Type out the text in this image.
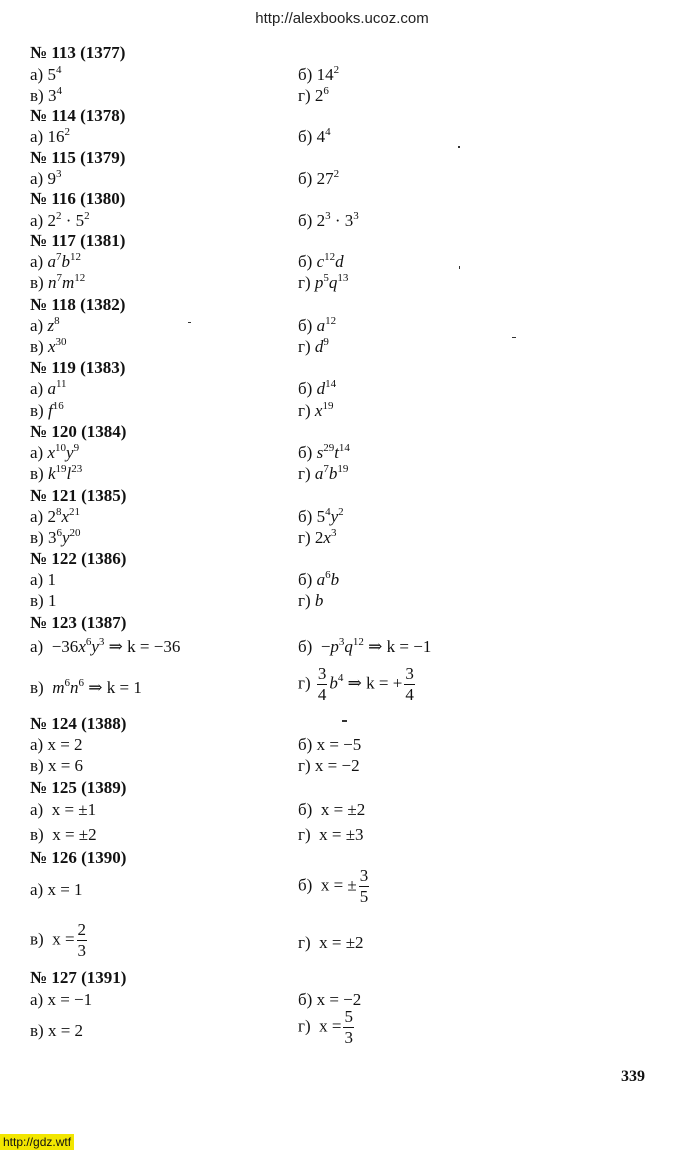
http://alexbooks.ucoz.com
№ 113 (1377)
а) $5^4$	б) $14^2$
в) $3^4$	г) $2^6$
№ 114 (1378)
а) $16^2$	б) $4^4$
№ 115 (1379)
а) $9^3$	б) $27^2$
№ 116 (1380)
а) $2^2 \cdot 5^2$	б) $2^3 \cdot 3^3$
№ 117 (1381)
а) $a^7b^{12}$	б) $c^{12}d$
в) $n^7m^{12}$	г) $p^5q^{13}$
№ 118 (1382)
а) $z^8$	б) $a^{12}$
в) $x^{30}$	г) $d^9$
№ 119 (1383)
а) $a^{11}$	б) $d^{14}$
в) $f^{16}$	г) $x^{19}$
№ 120 (1384)
а) $x^{10}y^9$	б) $s^{29}t^{14}$
в) $k^{19}l^{23}$	г) $a^7b^{19}$
№ 121 (1385)
а) $2^8x^{21}$	б) $5^4y^2$
в) $3^6y^{20}$	г) $2x^3$
№ 122 (1386)
а) 1	б) $a^6b$
в) 1	г) b
№ 123 (1387)
$а) -36x^6y^3$ ⇒ k = −36	$б) -p^3q^{12}$ ⇒ k = −1
в) $m^6n^6$ ⇒ k = 1	$г) \frac{3}{4} b^4$ ⇒ k = + $\frac{3}{4}$
№ 124 (1388)
а) x = 2	б) x = −5
в) x = 6	г) x = −2
№ 125 (1389)
а) x = ±1	б) x = ±2
в) x = ±2	г) x = ±3
№ 126 (1390)
а) x = 1	б) x = ± $\frac{3}{5}$
в) $x = \frac{2}{3}$	г) x = ±2
№ 127 (1391)
а) x = −1	б) x = −2
в) x = 2	г) $x = \frac{5}{3}$
339
http://gdz.wtf
